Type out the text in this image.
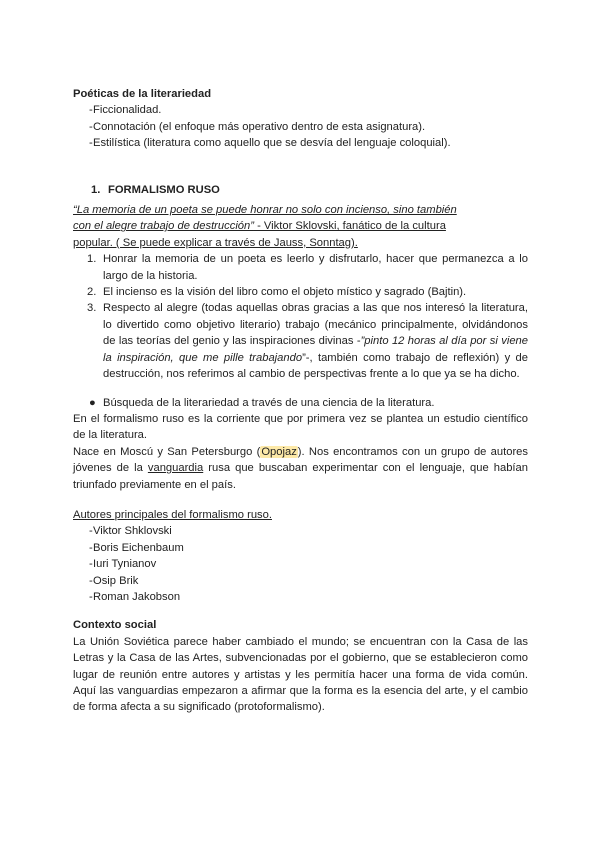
Poéticas de la literariedad
- Ficcionalidad.
- Connotación (el enfoque más operativo dentro de esta asignatura).
- Estilística (literatura como aquello que se desvía del lenguaje coloquial).
1. FORMALISMO RUSO
“La memoria de un poeta se puede honrar no solo con incienso, sino también
con el alegre trabajo de destrucción” - Viktor Sklovski, fanático de la cultura
popular. ( Se puede explicar a través de Jauss, Sonntag).
1. Honrar la memoria de un poeta es leerlo y disfrutarlo, hacer que permanezca a lo largo de la historia.
2. El incienso es la visión del libro como el objeto místico y sagrado (Bajtin).
3. Respecto al alegre (todas aquellas obras gracias a las que nos interesó la literatura, lo divertido como objetivo literario) trabajo (mecánico principalmente, olvidándonos de las teorías del genio y las inspiraciones divinas -”pinto 12 horas al día por si viene la inspiración, que me pille trabajando”-, también como trabajo de reflexión) y de destrucción, nos referimos al cambio de perspectivas frente a lo que ya se ha dicho.
● Búsqueda de la literariedad a través de una ciencia de la literatura.
En el formalismo ruso es la corriente que por primera vez se plantea un estudio científico de la literatura.
Nace en Moscú y San Petersburgo (Opojaz). Nos encontramos con un grupo de autores jóvenes de la vanguardia rusa que buscaban experimentar con el lenguaje, que habían triunfado previamente en el país.
Autores principales del formalismo ruso.
- Viktor Shklovski
- Boris Eichenbaum
- Iuri Tynianov
- Osip Brik
- Roman Jakobson
Contexto social
La Unión Soviética parece haber cambiado el mundo; se encuentran con la Casa de las Letras y la Casa de las Artes, subvencionadas por el gobierno, que se establecieron como lugar de reunión entre autores y artistas y les permitía hacer una forma de vida común. Aquí las vanguardias empezaron a afirmar que la forma es la esencia del arte, y el cambio de forma afecta a su significado (protoformalismo).
